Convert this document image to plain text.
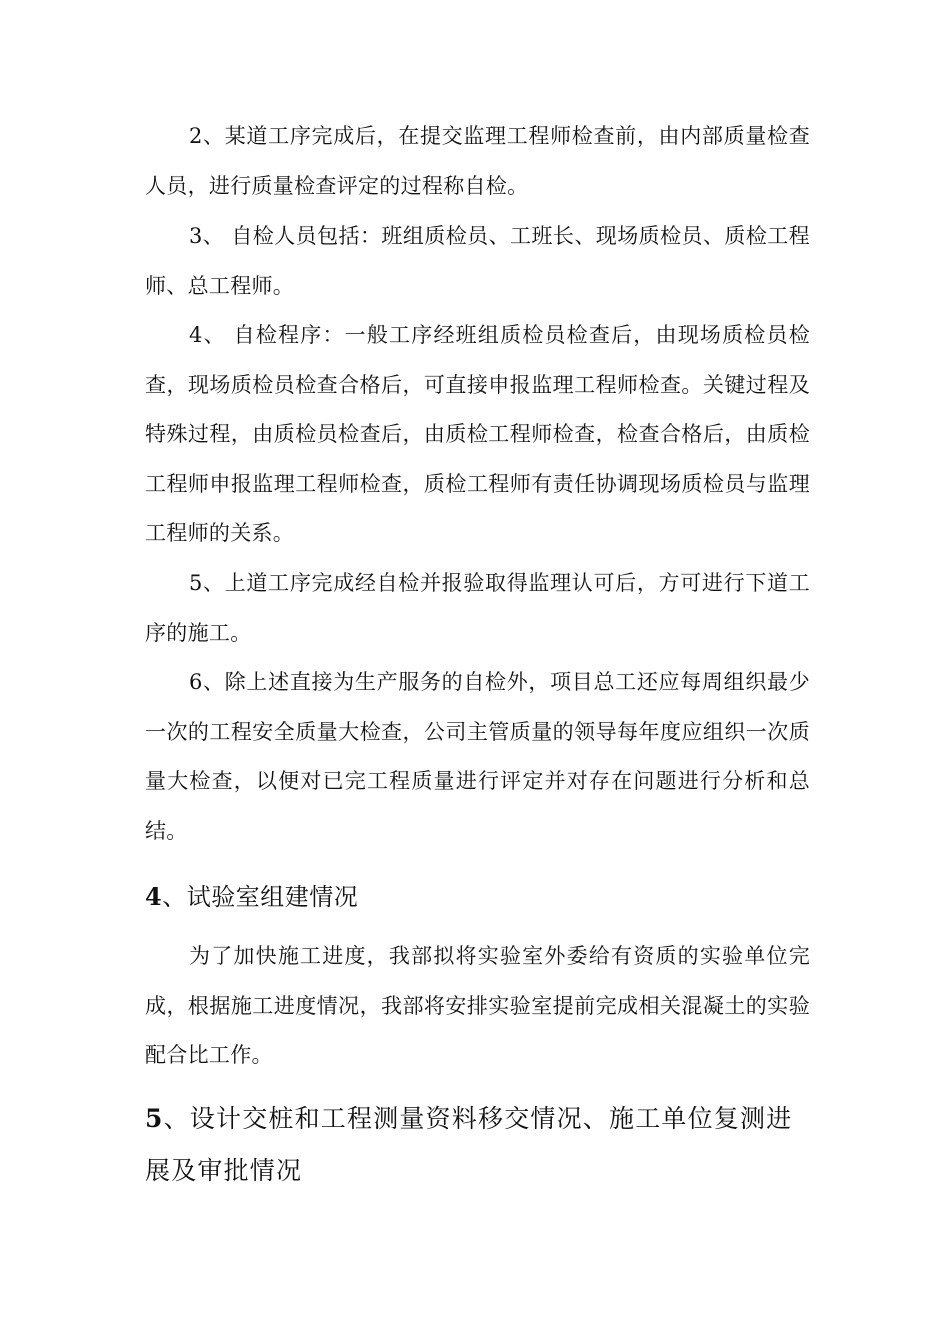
2、某道工序完成后，在提交监理工程师检查前，由内部质量检查人员，进行质量检查评定的过程称自检。

3、 自检人员包括：班组质检员、工班长、现场质检员、质检工程师、总工程师。

4、 自检程序：一般工序经班组质检员检查后，由现场质检员检查，现场质检员检查合格后，可直接申报监理工程师检查。关键过程及特殊过程，由质检员检查后，由质检工程师检查，检查合格后，由质检工程师申报监理工程师检查，质检工程师有责任协调现场质检员与监理工程师的关系。

5、上道工序完成经自检并报验取得监理认可后，方可进行下道工序的施工。

6、除上述直接为生产服务的自检外，项目总工还应每周组织最少一次的工程安全质量大检查，公司主管质量的领导每年度应组织一次质量大检查，以便对已完工程质量进行评定并对存在问题进行分析和总结。

4、试验室组建情况

为了加快施工进度，我部拟将实验室外委给有资质的实验单位完成，根据施工进度情况，我部将安排实验室提前完成相关混凝土的实验配合比工作。

5、设计交桩和工程测量资料移交情况、施工单位复测进展及审批情况
